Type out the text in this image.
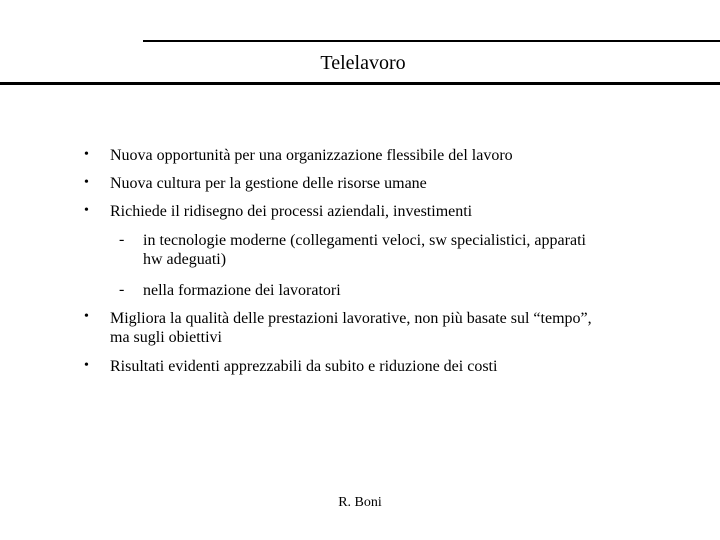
Telelavoro
• Nuova opportunità per una organizzazione flessibile del lavoro
• Nuova cultura per la gestione delle risorse umane
• Richiede il ridisegno dei processi aziendali, investimenti
- in tecnologie moderne (collegamenti veloci, sw specialistici, apparati hw adeguati)
- nella formazione dei lavoratori
• Migliora la qualità delle prestazioni lavorative, non più basate sul “tempo”, ma sugli obiettivi
• Risultati evidenti apprezzabili da subito e riduzione dei costi
R. Boni
